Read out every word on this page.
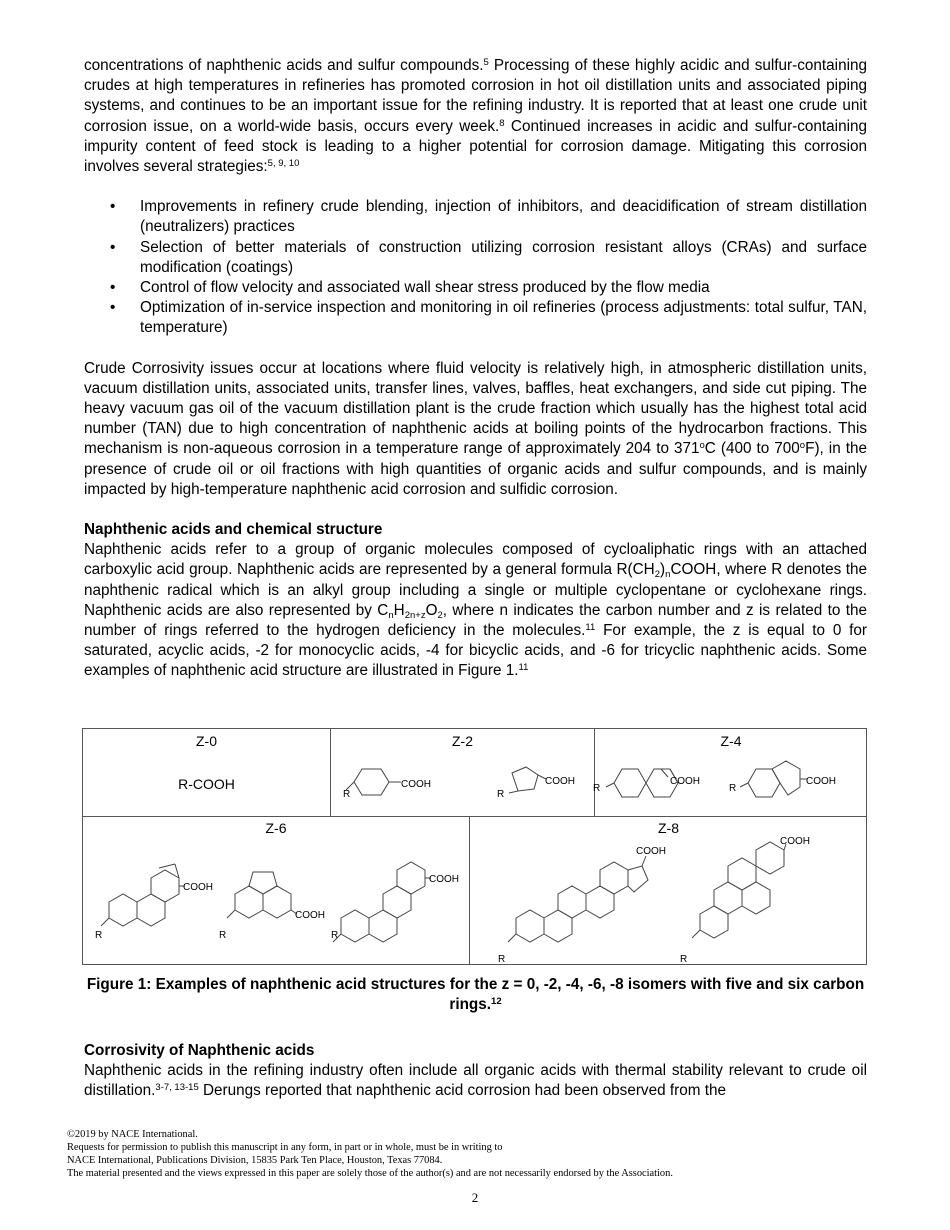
concentrations of naphthenic acids and sulfur compounds.$^5$ Processing of these highly acidic and sulfur-containing crudes at high temperatures in refineries has promoted corrosion in hot oil distillation units and associated piping systems, and continues to be an important issue for the refining industry. It is reported that at least one crude unit corrosion issue, on a world-wide basis, occurs every week.$^8$ Continued increases in acidic and sulfur-containing impurity content of feed stock is leading to a higher potential for corrosion damage. Mitigating this corrosion involves several strategies:$^{5, 9, 10}$

• Improvements in refinery crude blending, injection of inhibitors, and deacidification of stream distillation (neutralizers) practices
• Selection of better materials of construction utilizing corrosion resistant alloys (CRAs) and surface modification (coatings)
• Control of flow velocity and associated wall shear stress produced by the flow media
• Optimization of in-service inspection and monitoring in oil refineries (process adjustments: total sulfur, TAN, temperature)

Crude Corrosivity issues occur at locations where fluid velocity is relatively high, in atmospheric distillation units, vacuum distillation units, associated units, transfer lines, valves, baffles, heat exchangers, and side cut piping. The heavy vacuum gas oil of the vacuum distillation plant is the crude fraction which usually has the highest total acid number (TAN) due to high concentration of naphthenic acids at boiling points of the hydrocarbon fractions. This mechanism is non-aqueous corrosion in a temperature range of approximately 204 to 371$^o$C (400 to 700$^o$F), in the presence of crude oil or oil fractions with high quantities of organic acids and sulfur compounds, and is mainly impacted by high-temperature naphthenic acid corrosion and sulfidic corrosion.

Naphthenic acids and chemical structure

Naphthenic acids refer to a group of organic molecules composed of cycloaliphatic rings with an attached carboxylic acid group. Naphthenic acids are represented by a general formula $R(CH_2)_nCOOH$, where R denotes the naphthenic radical which is an alkyl group including a single or multiple cyclopentane or cyclohexane rings. Naphthenic acids are also represented by $C_nH_{2n+z}O_2$, where n indicates the carbon number and z is related to the number of rings referred to the hydrogen deficiency in the molecules.$^{11}$ For example, the z is equal to 0 for saturated, acyclic acids, -2 for monocyclic acids, -4 for bicyclic acids, and -6 for tricyclic naphthenic acids. Some examples of naphthenic acid structure are illustrated in Figure 1.11

Z-0
R-COOH
Z-2
COOH
R
COOH
R
Z-4
COOH
R
COOH
R
Z-6
COOH
R
COOH
R
COOH
R
Z-8
COOH
R
COOH
R
Figure 1: Examples of naphthenic acid structures for the z = 0, -2, -4, -6, -8 isomers with five and six carbon rings.$^{12}$
Corrosivity of Naphthenic acids

Naphthenic acids in the refining industry often include all organic acids with thermal stability relevant to crude oil distillation.$^{3-7, 13-15}$ Derungs reported that naphthenic acid corrosion had been observed from the

©2019 by NACE International.
Requests for permission to publish this manuscript in any form, in part or in whole, must be in writing to
NACE International, Publications Division, 15835 Park Ten Place, Houston, Texas 77084.
The material presented and the views expressed in this paper are solely those of the author(s) and are not necessarily endorsed by the Association.
2
